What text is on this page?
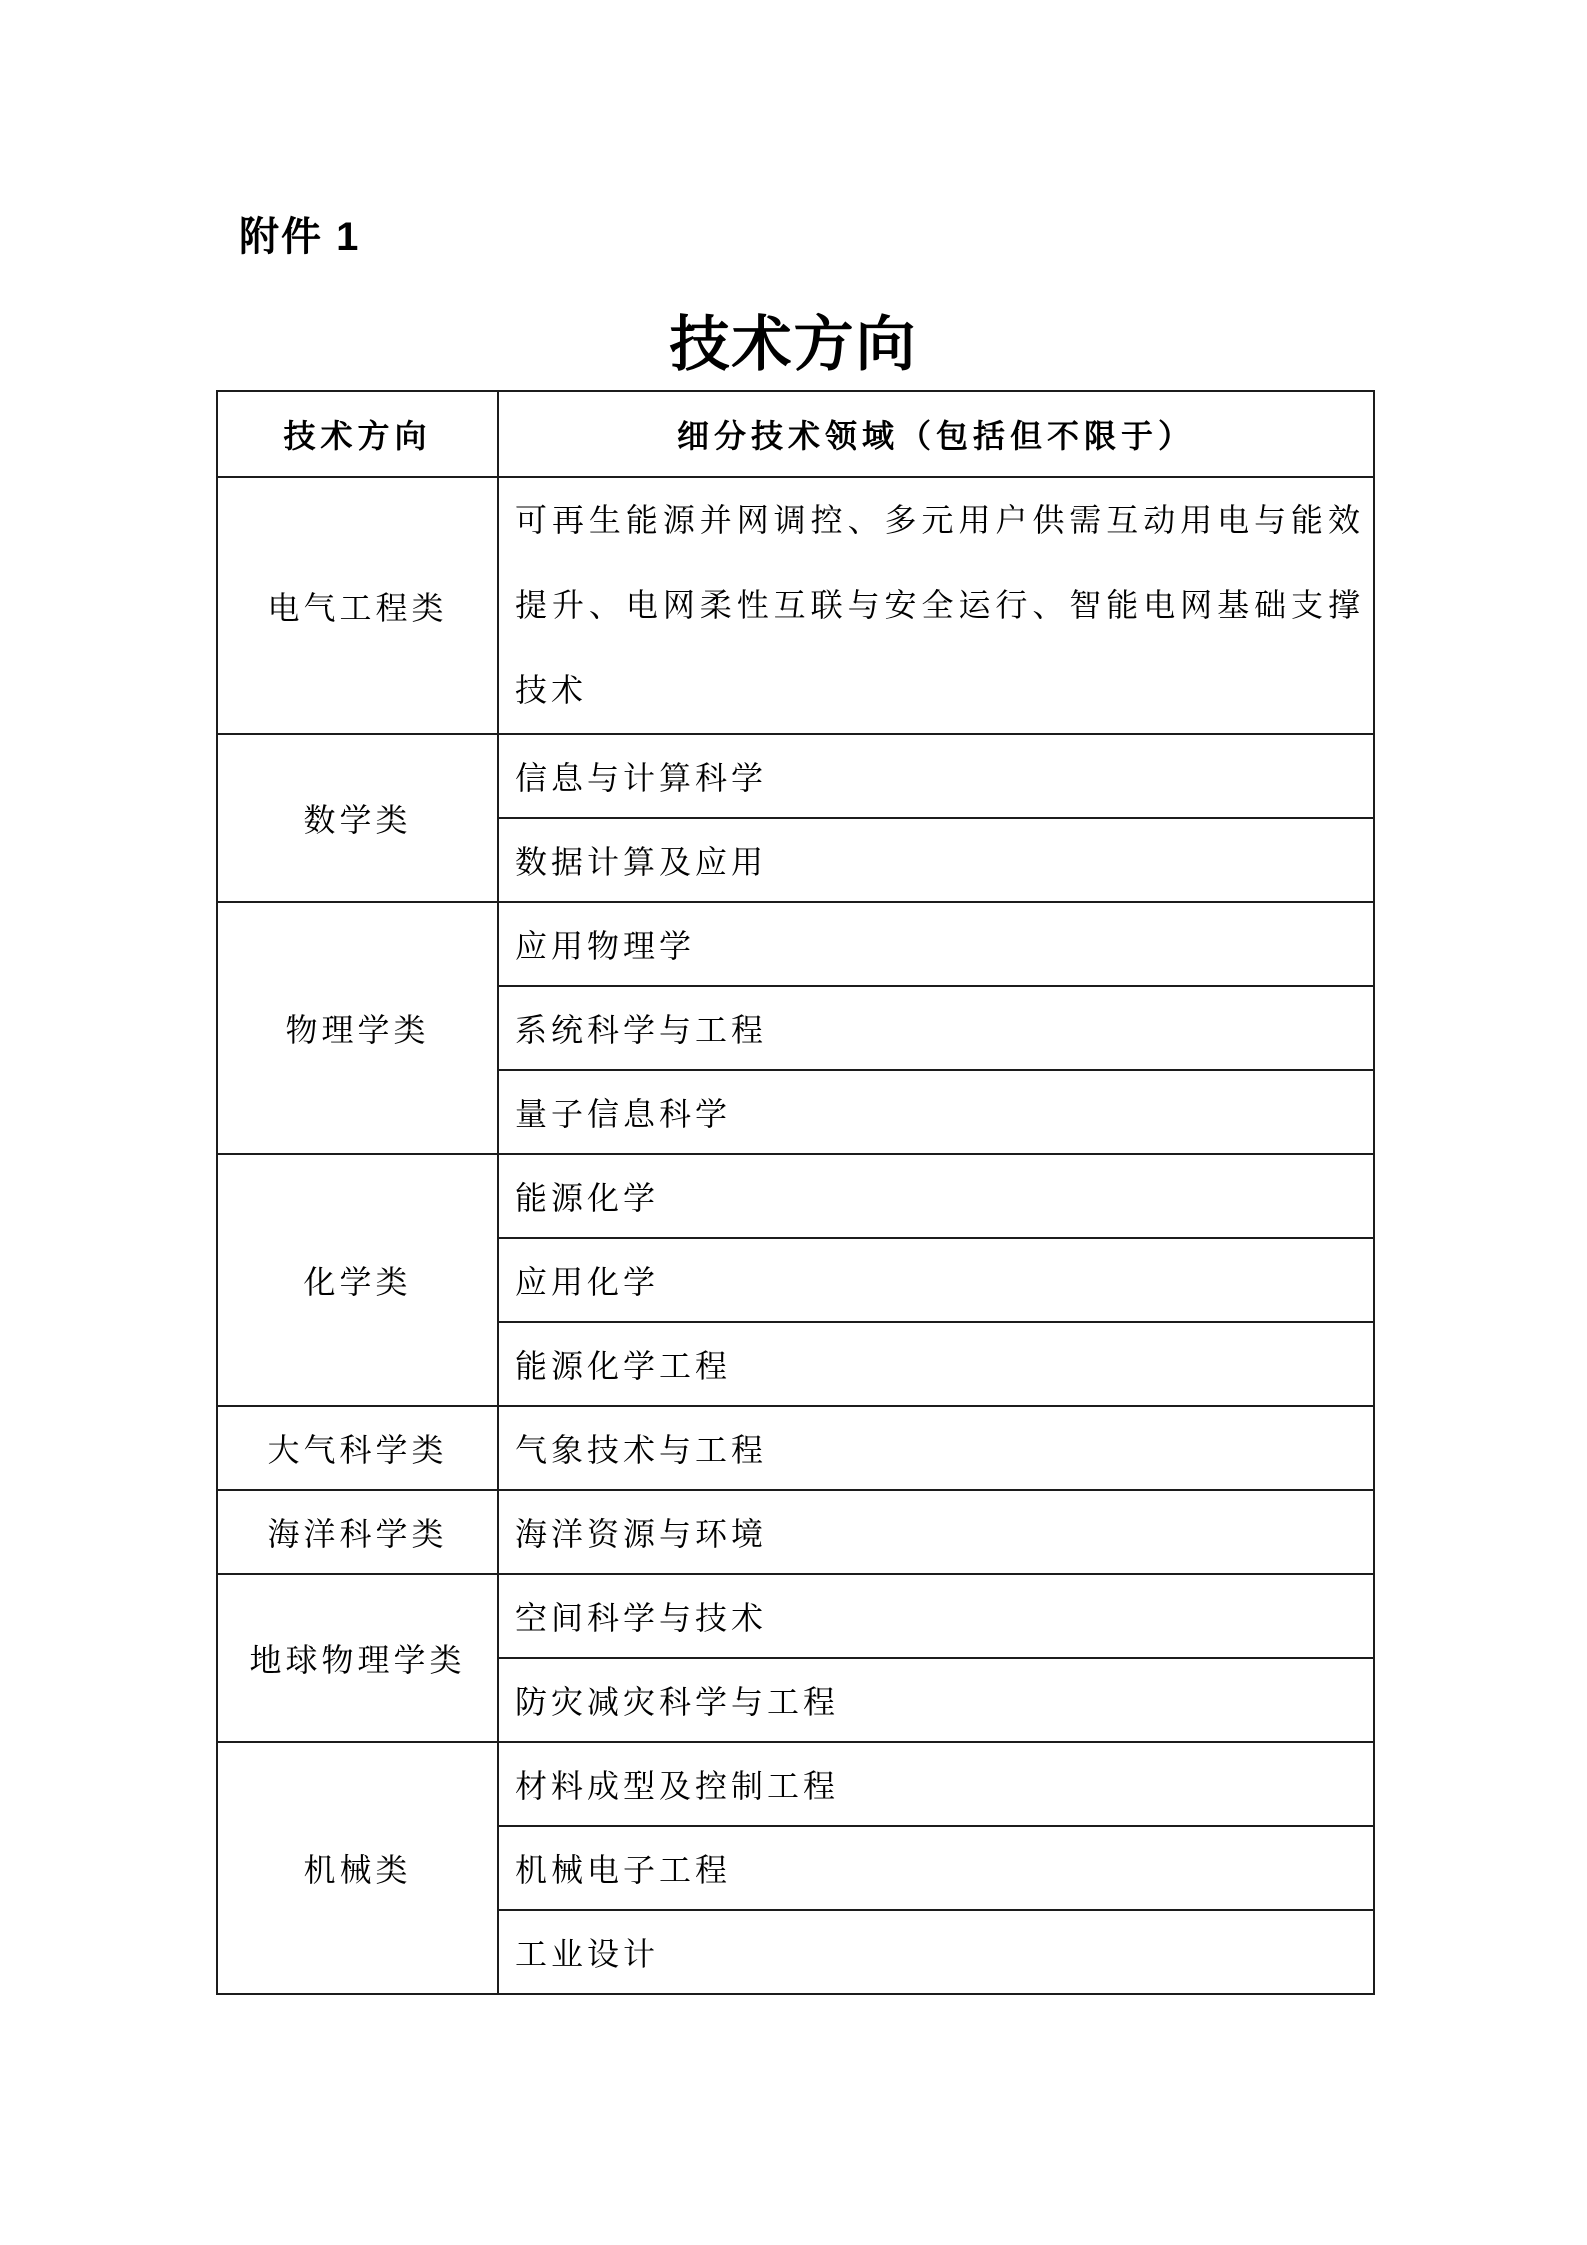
附件 1
技术方向
技术方向	细分技术领域（包括但不限于）
电气工程类	可再生能源并网调控、多元用户供需互动用电与能效提升、电网柔性互联与安全运行、智能电网基础支撑技术
数学类	信息与计算科学
	数据计算及应用
物理学类	应用物理学
	系统科学与工程
	量子信息科学
化学类	能源化学
	应用化学
	能源化学工程
大气科学类	气象技术与工程
海洋科学类	海洋资源与环境
地球物理学类	空间科学与技术
	防灾减灾科学与工程
机械类	材料成型及控制工程
	机械电子工程
	工业设计
